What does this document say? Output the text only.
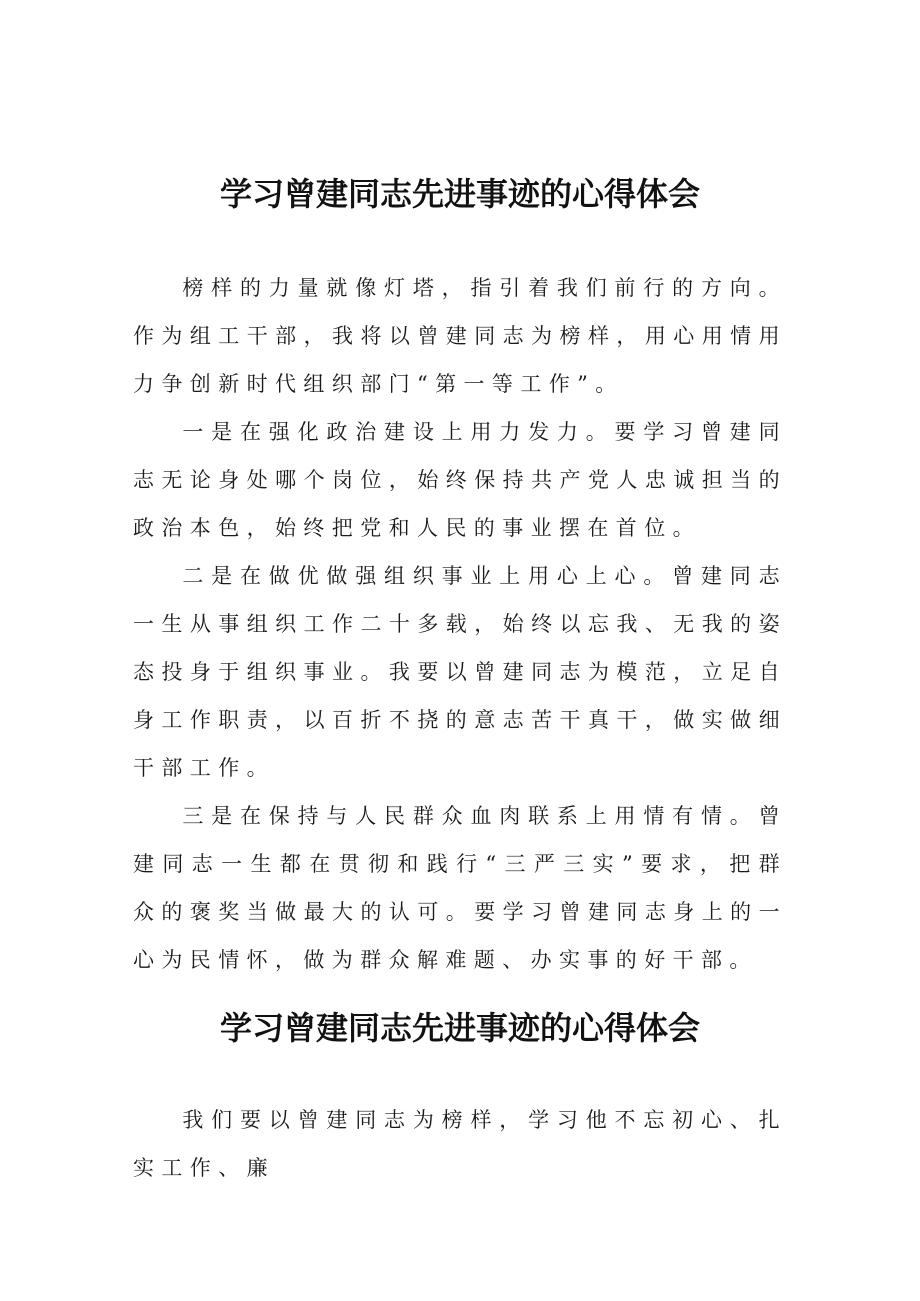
学习曾建同志先进事迹的心得体会

榜样的力量就像灯塔，指引着我们前行的方向。作为组工干部，我将以曾建同志为榜样，用心用情用力争创新时代组织部门“第一等工作”。

一是在强化政治建设上用力发力。要学习曾建同志无论身处哪个岗位，始终保持共产党人忠诚担当的政治本色，始终把党和人民的事业摆在首位。

二是在做优做强组织事业上用心上心。曾建同志一生从事组织工作二十多载，始终以忘我、无我的姿态投身于组织事业。我要以曾建同志为模范，立足自身工作职责，以百折不挠的意志苦干真干，做实做细干部工作。

三是在保持与人民群众血肉联系上用情有情。曾建同志一生都在贯彻和践行“三严三实”要求，把群众的褒奖当做最大的认可。要学习曾建同志身上的一心为民情怀，做为群众解难题、办实事的好干部。

学习曾建同志先进事迹的心得体会

我们要以曾建同志为榜样，学习他不忘初心、扎实工作、廉
